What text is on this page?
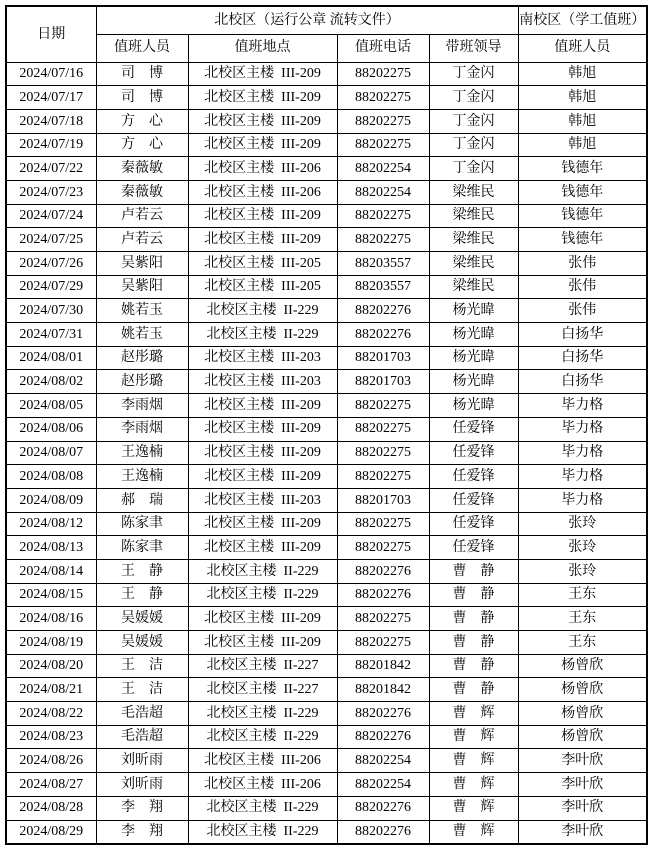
日期	北校区（运行公章 流转文件）				南校区（学工值班）
	值班人员	值班地点	值班电话	带班领导	值班人员
2024/07/16	司　博	北校区主楼  III-209	88202275	丁金闪	韩旭
2024/07/17	司　博	北校区主楼  III-209	88202275	丁金闪	韩旭
2024/07/18	方　心	北校区主楼  III-209	88202275	丁金闪	韩旭
2024/07/19	方　心	北校区主楼  III-209	88202275	丁金闪	韩旭
2024/07/22	秦薇敏	北校区主楼  III-206	88202254	丁金闪	钱德年
2024/07/23	秦薇敏	北校区主楼  III-206	88202254	梁维民	钱德年
2024/07/24	卢若云	北校区主楼  III-209	88202275	梁维民	钱德年
2024/07/25	卢若云	北校区主楼  III-209	88202275	梁维民	钱德年
2024/07/26	吴紫阳	北校区主楼  III-205	88203557	梁维民	张伟
2024/07/29	吴紫阳	北校区主楼  III-205	88203557	梁维民	张伟
2024/07/30	姚若玉	北校区主楼  II-229	88202276	杨光暐	张伟
2024/07/31	姚若玉	北校区主楼  II-229	88202276	杨光暐	白扬华
2024/08/01	赵彤璐	北校区主楼  III-203	88201703	杨光暐	白扬华
2024/08/02	赵彤璐	北校区主楼  III-203	88201703	杨光暐	白扬华
2024/08/05	李雨烟	北校区主楼  III-209	88202275	杨光暐	毕力格
2024/08/06	李雨烟	北校区主楼  III-209	88202275	任爱锋	毕力格
2024/08/07	王逸楠	北校区主楼  III-209	88202275	任爱锋	毕力格
2024/08/08	王逸楠	北校区主楼  III-209	88202275	任爱锋	毕力格
2024/08/09	郝　瑞	北校区主楼  III-203	88201703	任爱锋	毕力格
2024/08/12	陈家聿	北校区主楼  III-209	88202275	任爱锋	张玲
2024/08/13	陈家聿	北校区主楼  III-209	88202275	任爱锋	张玲
2024/08/14	王　静	北校区主楼  II-229	88202276	曹　静	张玲
2024/08/15	王　静	北校区主楼  II-229	88202276	曹　静	王东
2024/08/16	吴媛媛	北校区主楼  III-209	88202275	曹　静	王东
2024/08/19	吴媛媛	北校区主楼  III-209	88202275	曹　静	王东
2024/08/20	王　洁	北校区主楼  II-227	88201842	曹　静	杨曾欣
2024/08/21	王　洁	北校区主楼  II-227	88201842	曹　静	杨曾欣
2024/08/22	毛浩超	北校区主楼  II-229	88202276	曹　辉	杨曾欣
2024/08/23	毛浩超	北校区主楼  II-229	88202276	曹　辉	杨曾欣
2024/08/26	刘昕雨	北校区主楼  III-206	88202254	曹　辉	李叶欣
2024/08/27	刘昕雨	北校区主楼  III-206	88202254	曹　辉	李叶欣
2024/08/28	李　翔	北校区主楼  II-229	88202276	曹　辉	李叶欣
2024/08/29	李　翔	北校区主楼  II-229	88202276	曹　辉	李叶欣
